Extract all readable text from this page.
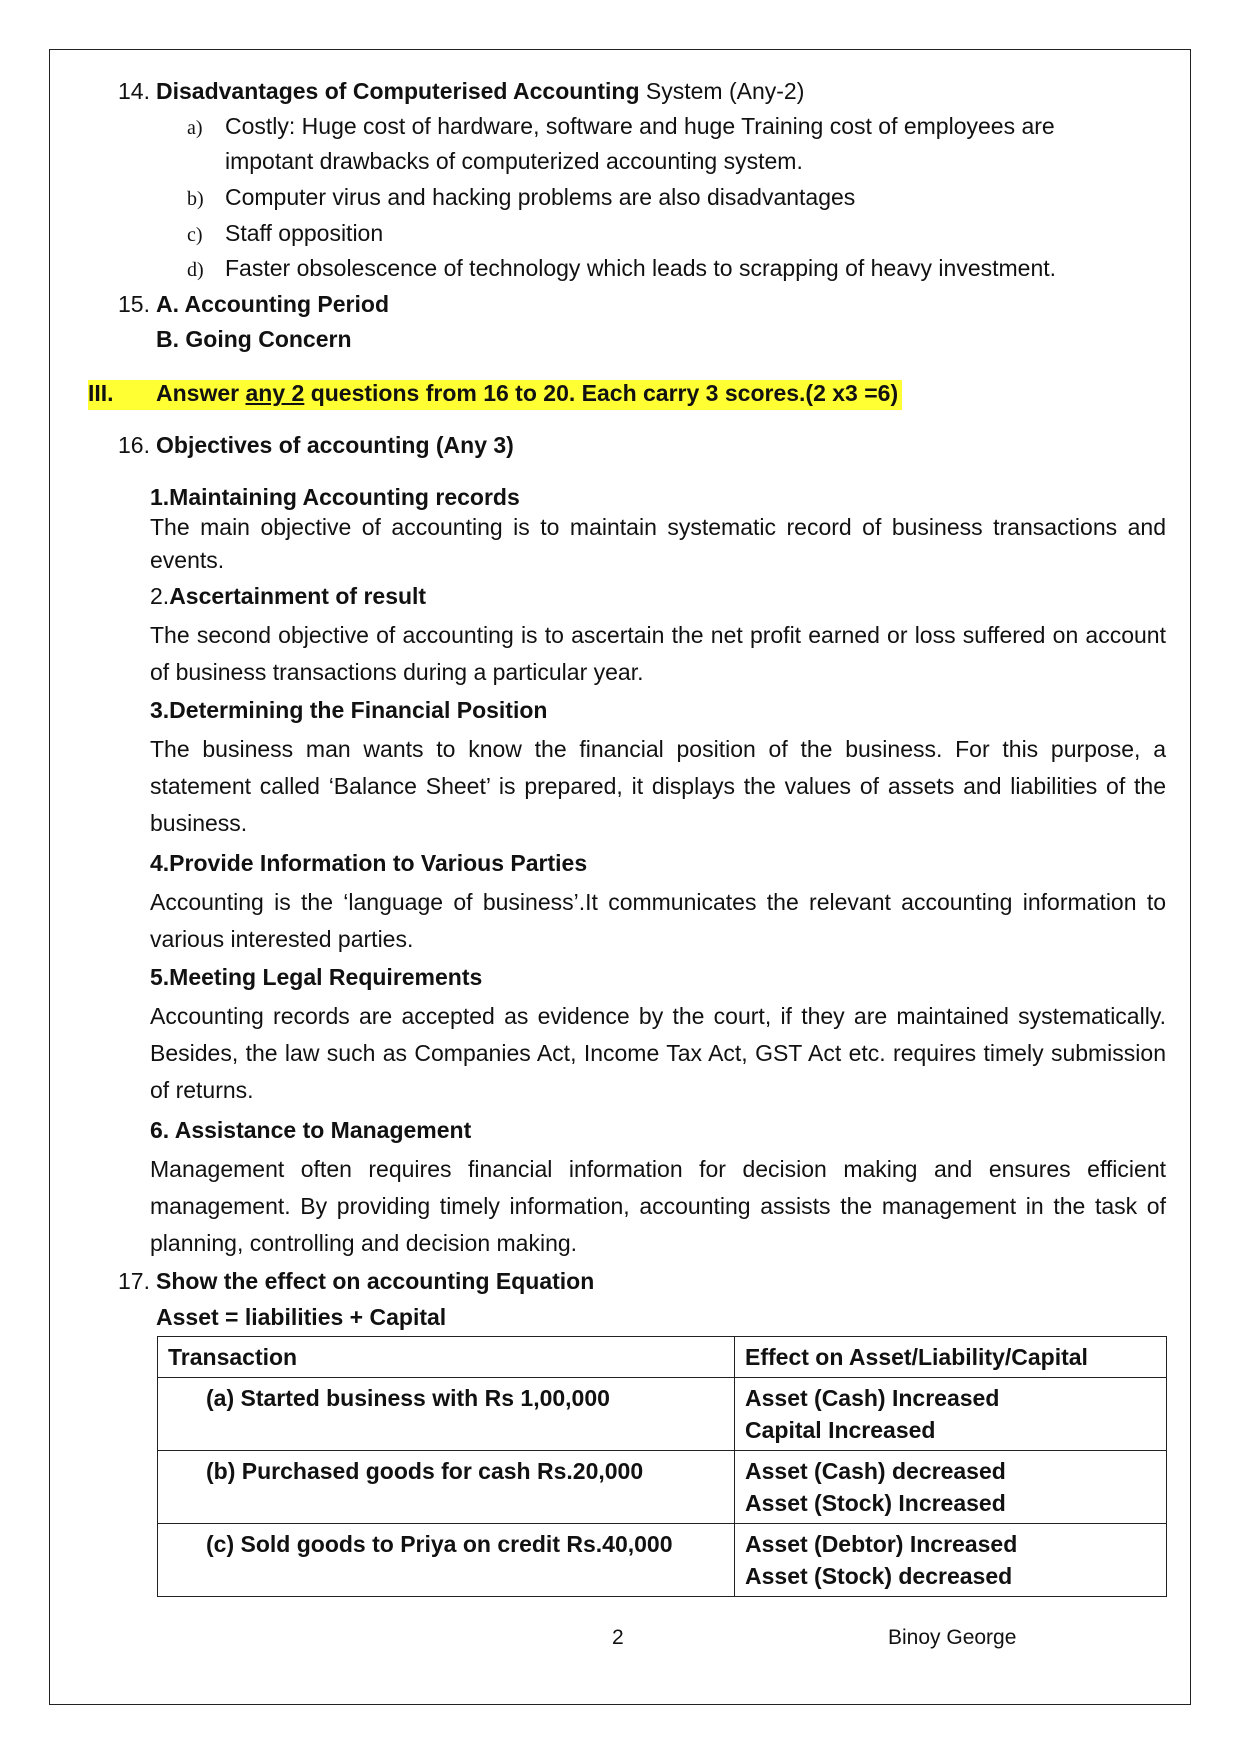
14. Disadvantages of Computerised Accounting System (Any-2)
a) Costly: Huge cost of hardware, software and huge Training cost of employees are
impotant drawbacks of computerized accounting system.
b) Computer virus and hacking problems are also disadvantages
c) Staff opposition
d) Faster obsolescence of technology which leads to scrapping of heavy investment.
15. A. Accounting Period
B. Going Concern
III. Answer any 2 questions from 16 to 20. Each carry 3 scores.(2 x3 =6)
16. Objectives of accounting (Any 3)
1.Maintaining Accounting records
The main objective of accounting is to maintain systematic record of business transactions and events.
2.Ascertainment of result
The second objective of accounting is to ascertain the net profit earned or loss suffered on account of business transactions during a particular year.
3.Determining the Financial Position
The business man wants to know the financial position of the business. For this purpose, a statement called ‘Balance Sheet’ is prepared, it displays the values of assets and liabilities of the business.
4.Provide Information to Various Parties
Accounting is the ‘language of business’.It communicates the relevant accounting information to various interested parties.
5.Meeting Legal Requirements
Accounting records are accepted as evidence by the court, if they are maintained systematically. Besides, the law such as Companies Act, Income Tax Act, GST Act etc. requires timely submission of returns.
6. Assistance to Management
Management often requires financial information for decision making and ensures efficient management. By providing timely information, accounting assists the management in the task of planning, controlling and decision making.
17. Show the effect on accounting Equation
Asset = liabilities + Capital
Transaction	Effect on Asset/Liability/Capital
(a) Started business with Rs 1,00,000	Asset (Cash) Increased
Capital Increased

(b) Purchased goods for cash Rs.20,000	Asset (Cash) decreased
Asset (Stock) Increased

(c) Sold goods to Priya on credit Rs.40,000	Asset (Debtor) Increased
Asset (Stock) decreased
2	Binoy George
